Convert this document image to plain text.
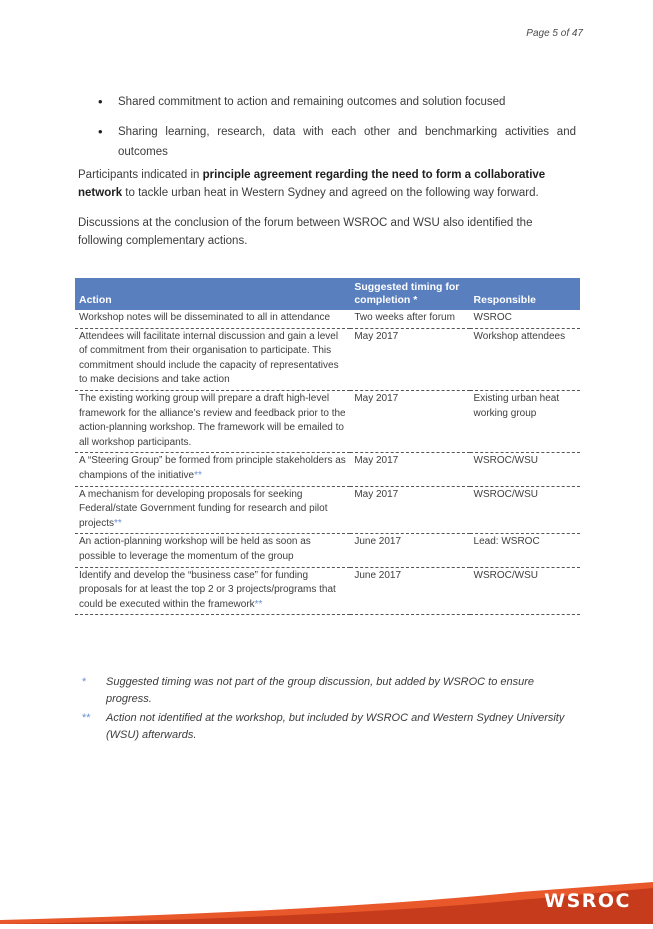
Page 5 of 47
• Shared commitment to action and remaining outcomes and solution focused
• Sharing learning, research, data with each other and benchmarking activities and outcomes

Participants indicated in principle agreement regarding the need to form a collaborative network to tackle urban heat in Western Sydney and agreed on the following way forward.

Discussions at the conclusion of the forum between WSROC and WSU also identified the following complementary actions.

Action	Suggested timing for completion *	Responsible
Workshop notes will be disseminated to all in attendance	Two weeks after forum	WSROC
Attendees will facilitate internal discussion and gain a level of commitment from their organisation to participate. This commitment should include the capacity of representatives to make decisions and take action	May 2017	Workshop attendees
The existing working group will prepare a draft high-level framework for the alliance’s review and feedback prior to the action-planning workshop. The framework will be emailed to all workshop participants.	May 2017	Existing urban heat working group
A “Steering Group” be formed from principle stakeholders as champions of the initiative**	May 2017	WSROC/WSU
A mechanism for developing proposals for seeking Federal/state Government funding for research and pilot projects**	May 2017	WSROC/WSU
An action-planning workshop will be held as soon as possible to leverage the momentum of the group	June 2017	Lead: WSROC
Identify and develop the “business case” for funding proposals for at least the top 2 or 3 projects/programs that could be executed within the framework**	June 2017	WSROC/WSU
* Suggested timing was not part of the group discussion, but added by WSROC to ensure progress.
** Action not identified at the workshop, but included by WSROC and Western Sydney University (WSU) afterwards.
WSROC
